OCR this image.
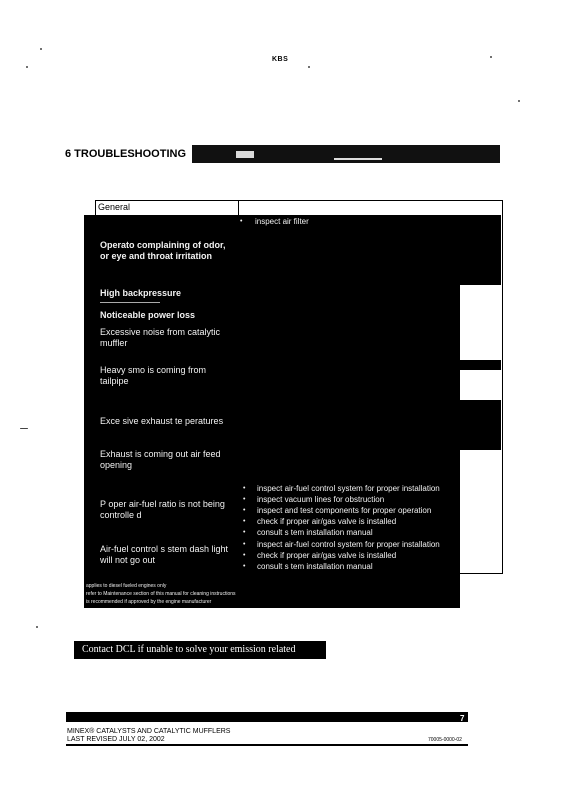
KBS
6 TROUBLESHOOTING
General
• inspect air filter
Operato complaining of odor, or eye and throat irritation
High backpressure
Noticeable power loss
Excessive noise from catalytic muffler
Heavy smo is coming from tailpipe
Exce sive exhaust te peratures
Exhaust is coming out air feed opening
P oper air-fuel ratio is not being controlle d
Air-fuel control s stem dash light will not go out
• inspect air-fuel control system for proper installation
• inspect vacuum lines for obstruction
• inspect and test components for proper operation
• check if proper air/gas valve is installed
• consult s tem installation manual
• inspect air-fuel control system for proper installation
• check if proper air/gas valve is installed
• consult s tem installation manual
applies to diesel fueled engines only
refer to Maintenance section of this manual for cleaning instructions
is recommended if approved by the engine manufacturer
Contact DCL if unable to solve your emission related problem.
7
MINEX® CATALYSTS AND CATALYTIC MUFFLERS
LAST REVISED JULY 02, 2002	70005-0000-02
